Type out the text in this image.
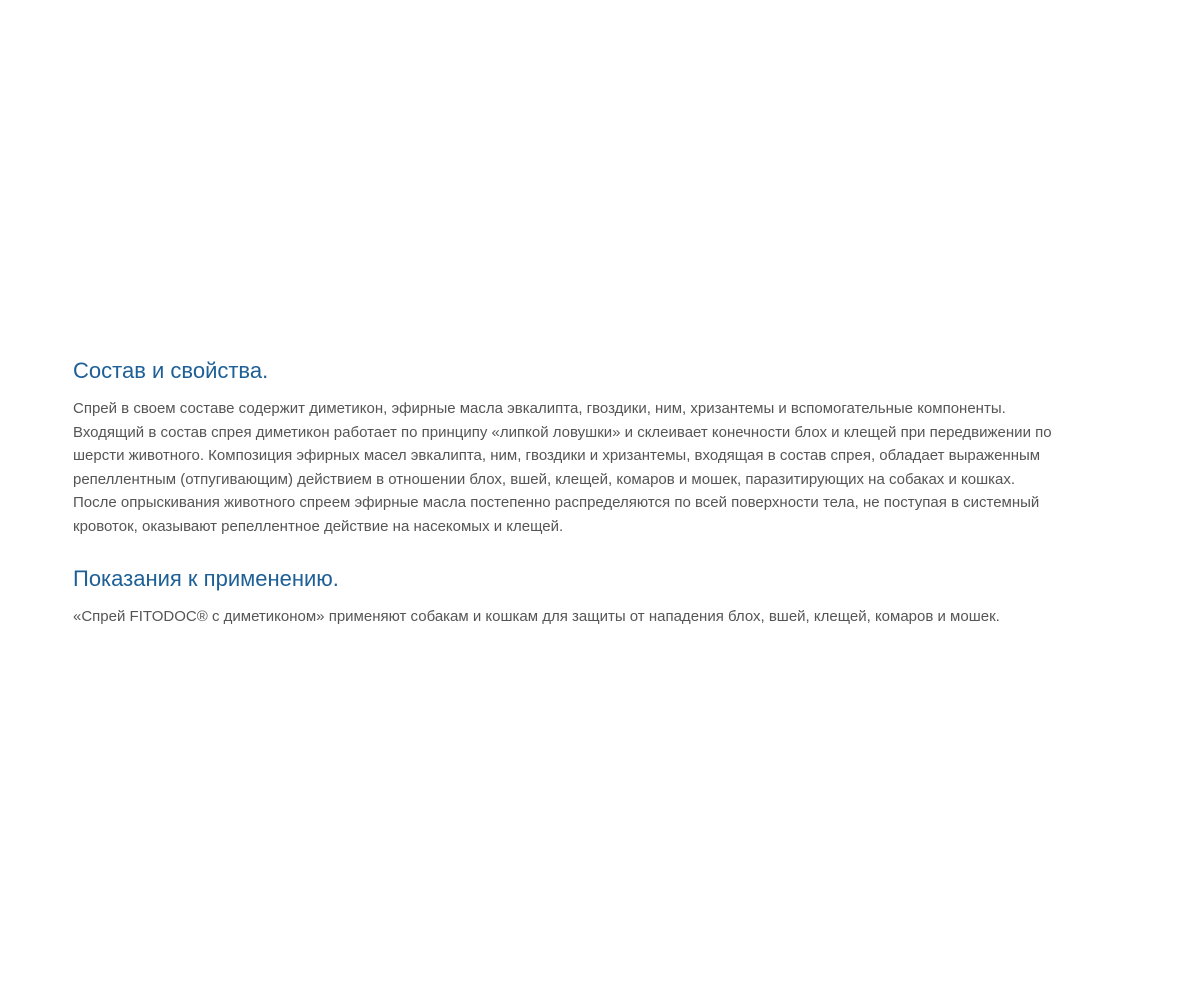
Состав и свойства.

Спрей в своем составе содержит диметикон, эфирные масла эвкалипта, гвоздики, ним, хризантемы и вспомогательные компоненты.
Входящий в состав спрея диметикон работает по принципу «липкой ловушки» и склеивает конечности блох и клещей при передвижении по
шерсти животного. Композиция эфирных масел эвкалипта, ним, гвоздики и хризантемы, входящая в состав спрея, обладает выраженным
репеллентным (отпугивающим) действием в отношении блох, вшей, клещей, комаров и мошек, паразитирующих на собаках и кошках.
После опрыскивания животного спреем эфирные масла постепенно распределяются по всей поверхности тела, не поступая в системный
кровоток, оказывают репеллентное действие на насекомых и клещей.

Показания к применению.

«Спрей FITODOC® с диметиконом» применяют собакам и кошкам для защиты от нападения блох, вшей, клещей, комаров и мошек.
